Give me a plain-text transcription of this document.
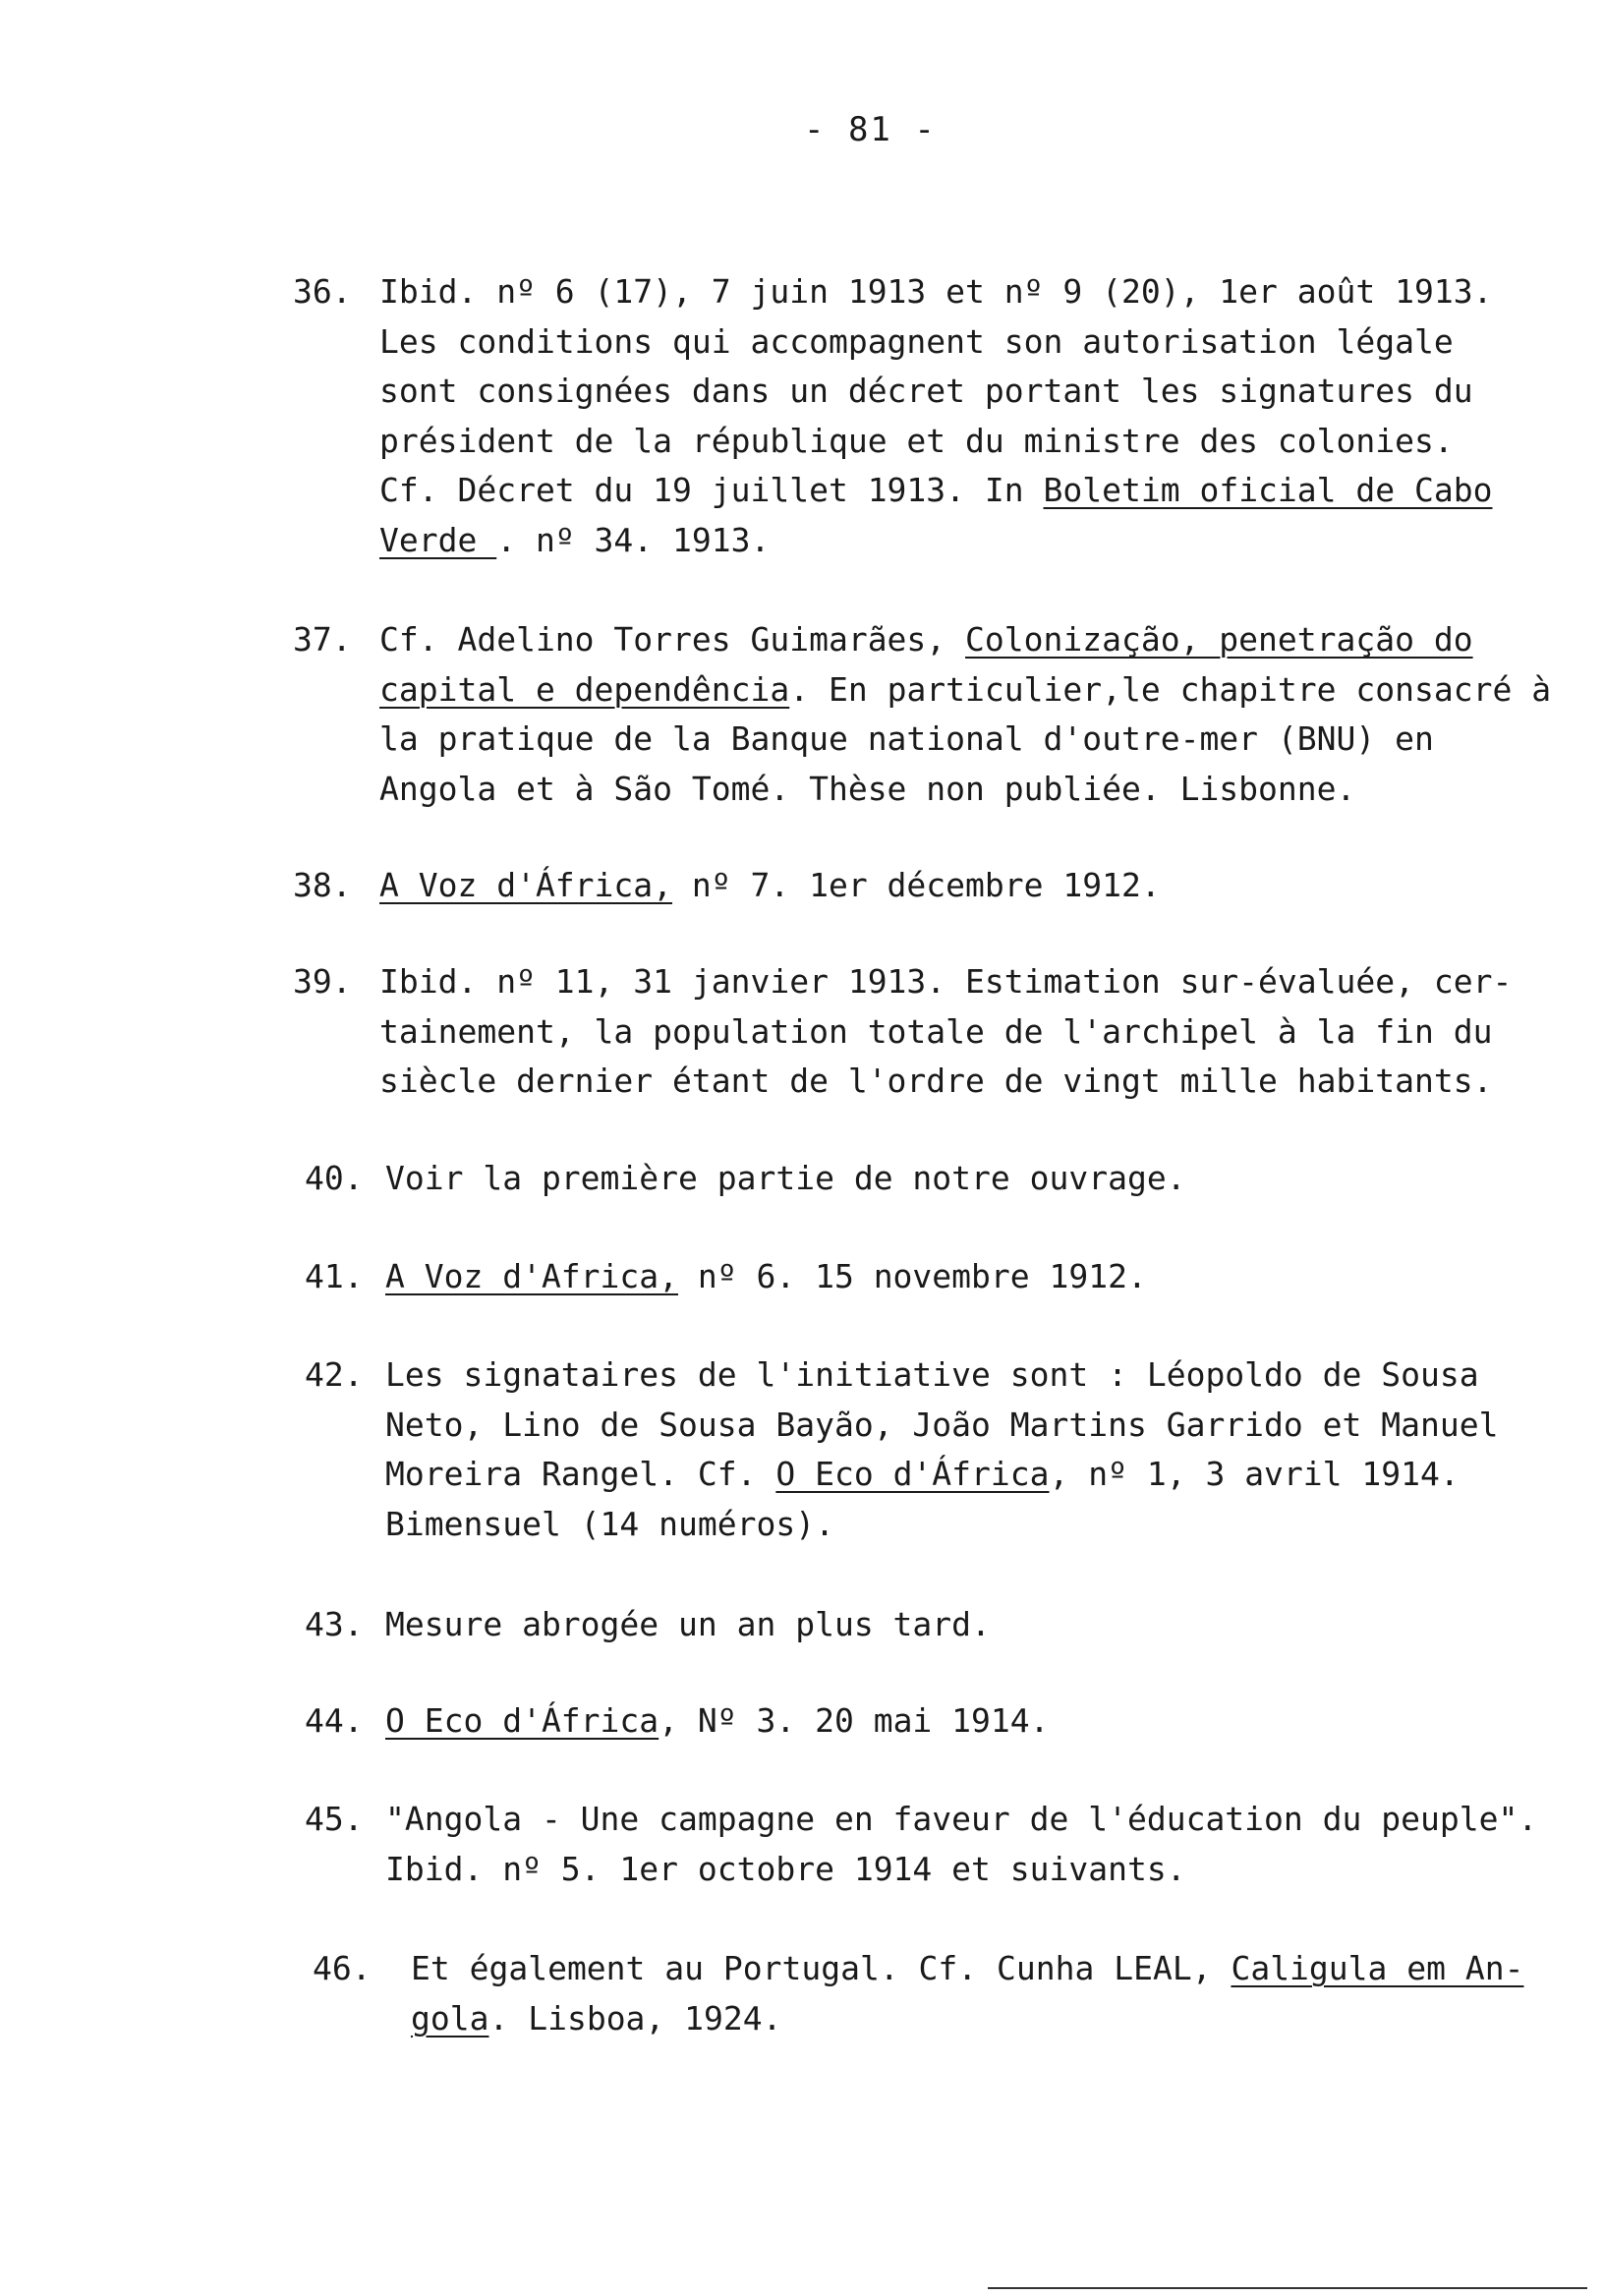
- 81 -
36. Ibid. nº 6 (17), 7 juin 1913 et nº 9 (20), 1er août 1913.
Les conditions qui accompagnent son autorisation légale
sont consignées dans un décret portant les signatures du
président de la république et du ministre des colonies.
Cf. Décret du 19 juillet 1913. In Boletim oficial de Cabo
Verde . nº 34. 1913.
37. Cf. Adelino Torres Guimarães, Colonização, penetração do
capital e dependência. En particulier,le chapitre consacré à
la pratique de la Banque national d'outre-mer (BNU) en
Angola et à São Tomé. Thèse non publiée. Lisbonne.
38. A Voz d'África, nº 7. 1er décembre 1912.
39. Ibid. nº 11, 31 janvier 1913. Estimation sur-évaluée, cer-
tainement, la population totale de l'archipel à la fin du
siècle dernier étant de l'ordre de vingt mille habitants.
40. Voir la première partie de notre ouvrage.
41. A Voz d'Africa, nº 6. 15 novembre 1912.
42. Les signataires de l'initiative sont : Léopoldo de Sousa
Neto, Lino de Sousa Bayão, João Martins Garrido et Manuel
Moreira Rangel. Cf. O Eco d'África, nº 1, 3 avril 1914.
Bimensuel (14 numéros).
43. Mesure abrogée un an plus tard.
44. O Eco d'África, Nº 3. 20 mai 1914.
45. "Angola - Une campagne en faveur de l'éducation du peuple".
Ibid. nº 5. 1er octobre 1914 et suivants.
46.	Et également au Portugal. Cf. Cunha LEAL, Caligula em An-
gola. Lisboa, 1924.
